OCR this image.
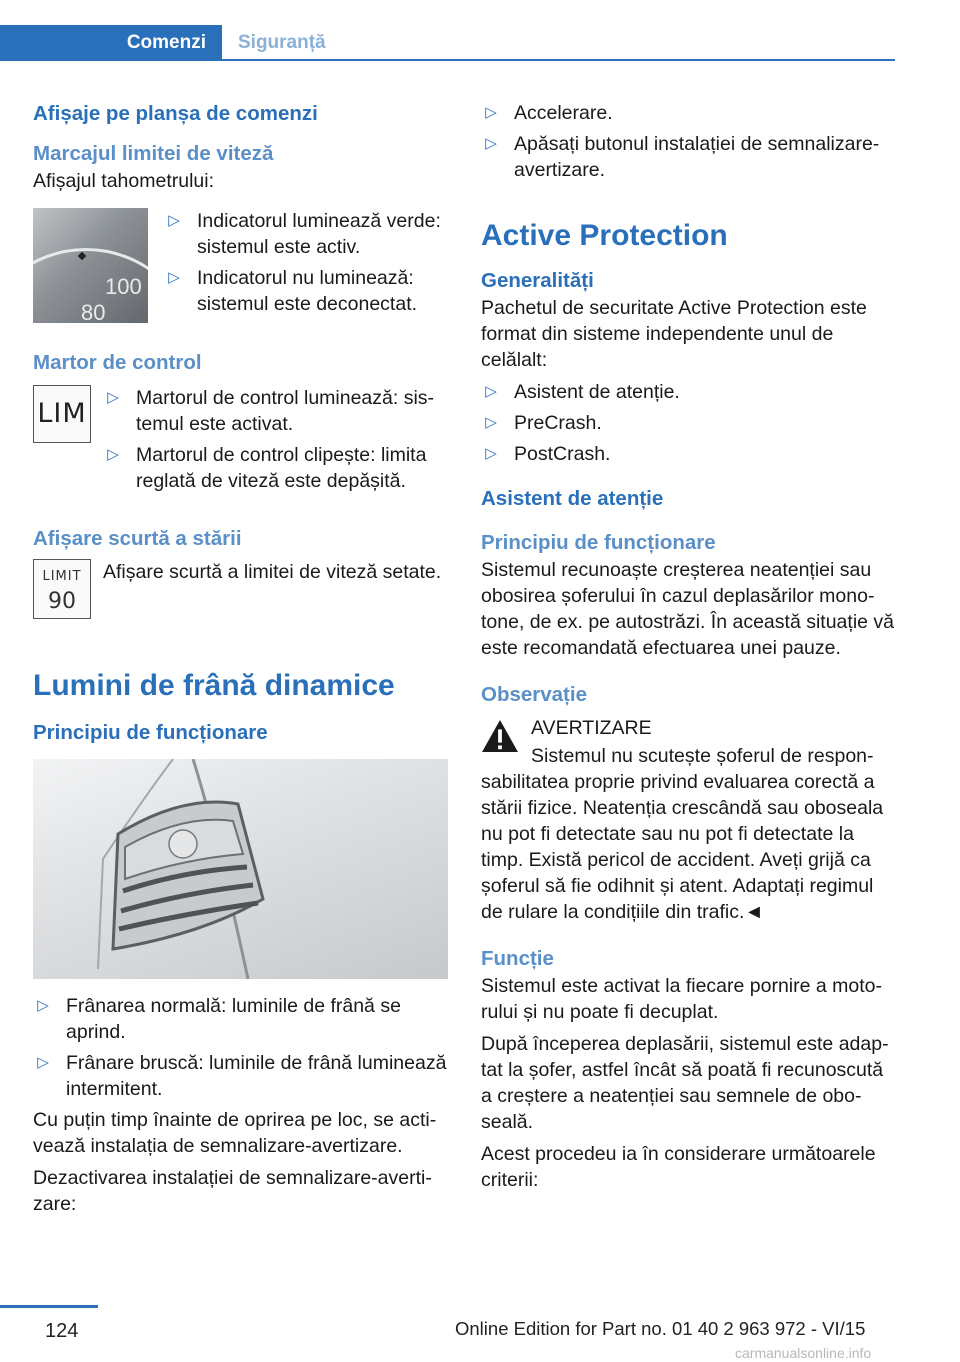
Comenzi	Siguranță
Afișaje pe planșa de comenzi
Marcajul limitei de viteză

Afișajul tahometrului:

100
80
▷ Indicatorul luminează verde: sistemul este activ.
▷ Indicatorul nu luminează: sistemul este deconectat.
Martor de control
LIM
▷ Martorul de control luminează: sistemul este activat.
▷ Martorul de control clipește: limita reglată de viteză este depășită.
Afișare scurtă a stării
LIMIT
90

Afișare scurtă a limitei de viteză setate.

Lumini de frână dinamice
Principiu de funcționare
▷ Frânarea normală: luminile de frână se aprind.
▷ Frânare bruscă: luminile de frână luminează intermitent.

Cu puțin timp înainte de oprirea pe loc, se activează instalația de semnalizare-avertizare.

Dezactivarea instalației de semnalizare-avertizare:

▷ Accelerare.
▷ Apăsați butonul instalației de semnalizare-avertizare.
Active Protection
Generalități

Pachetul de securitate Active Protection este format din sisteme independente unul de celălalt:

▷ Asistent de atenție.
▷ PreCrash.
▷ PostCrash.
Asistent de atenție
Principiu de funcționare

Sistemul recunoaște creșterea neatenției sau obosirea șoferului în cazul deplasărilor monotone, de ex. pe autostrăzi. În această situație vă este recomandată efectuarea unei pauze.

Observație

AVERTIZARE

Sistemul nu scutește șoferul de responsabilitatea proprie privind evaluarea corectă a stării fizice. Neatenția crescândă sau oboseala nu pot fi detectate sau nu pot fi detectate la timp. Există pericol de accident. Aveți grijă ca șoferul să fie odihnit și atent. Adaptați regimul de rulare la condițiile din trafic.◄

Funcție

Sistemul este activat la fiecare pornire a motorului și nu poate fi decuplat.

După începerea deplasării, sistemul este adaptat la șofer, astfel încât să poată fi recunoscută a creștere a neatenției sau semnele de oboseală.

Acest procedeu ia în considerare următoarele criterii:

124	Online Edition for Part no. 01 40 2 963 972 - VI/15
carmanualsonline.info
